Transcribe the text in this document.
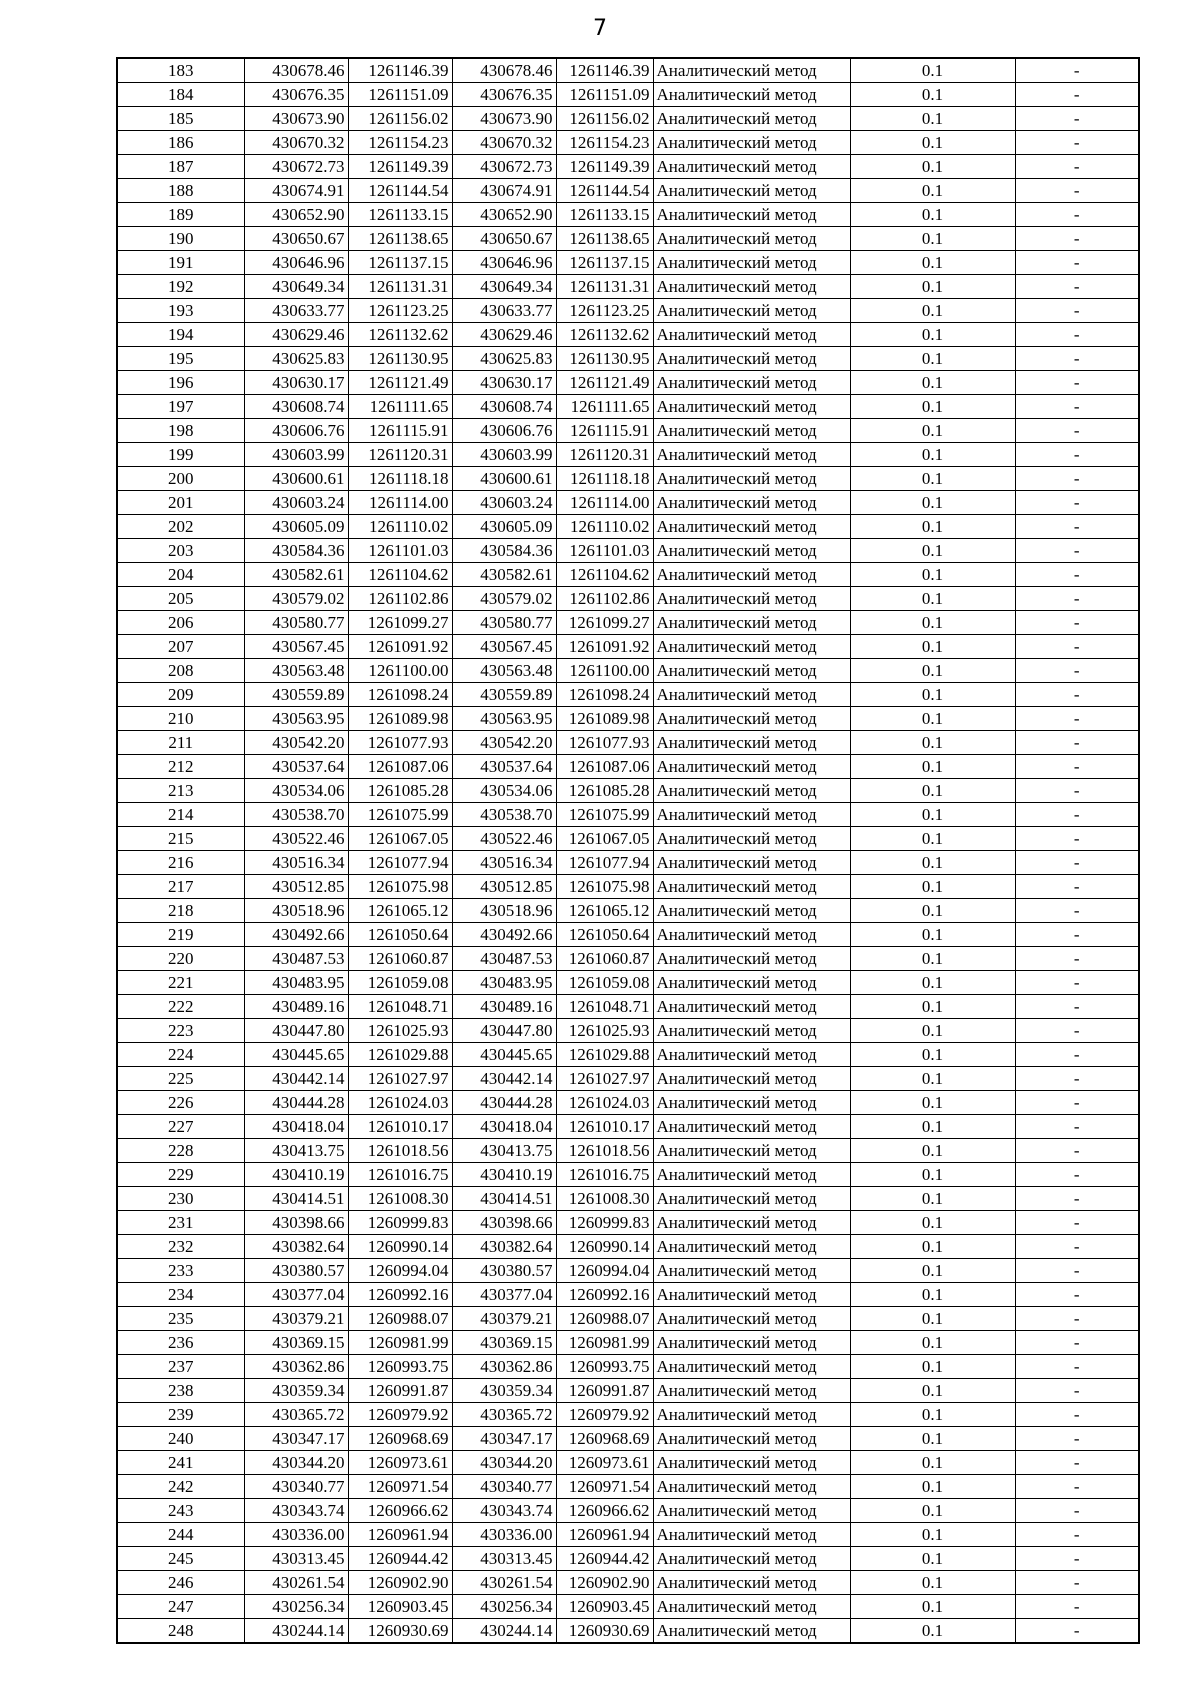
7
183	430678.46	1261146.39	430678.46	1261146.39	Аналитический метод	0.1	-
184	430676.35	1261151.09	430676.35	1261151.09	Аналитический метод	0.1	-
185	430673.90	1261156.02	430673.90	1261156.02	Аналитический метод	0.1	-
186	430670.32	1261154.23	430670.32	1261154.23	Аналитический метод	0.1	-
187	430672.73	1261149.39	430672.73	1261149.39	Аналитический метод	0.1	-
188	430674.91	1261144.54	430674.91	1261144.54	Аналитический метод	0.1	-
189	430652.90	1261133.15	430652.90	1261133.15	Аналитический метод	0.1	-
190	430650.67	1261138.65	430650.67	1261138.65	Аналитический метод	0.1	-
191	430646.96	1261137.15	430646.96	1261137.15	Аналитический метод	0.1	-
192	430649.34	1261131.31	430649.34	1261131.31	Аналитический метод	0.1	-
193	430633.77	1261123.25	430633.77	1261123.25	Аналитический метод	0.1	-
194	430629.46	1261132.62	430629.46	1261132.62	Аналитический метод	0.1	-
195	430625.83	1261130.95	430625.83	1261130.95	Аналитический метод	0.1	-
196	430630.17	1261121.49	430630.17	1261121.49	Аналитический метод	0.1	-
197	430608.74	1261111.65	430608.74	1261111.65	Аналитический метод	0.1	-
198	430606.76	1261115.91	430606.76	1261115.91	Аналитический метод	0.1	-
199	430603.99	1261120.31	430603.99	1261120.31	Аналитический метод	0.1	-
200	430600.61	1261118.18	430600.61	1261118.18	Аналитический метод	0.1	-
201	430603.24	1261114.00	430603.24	1261114.00	Аналитический метод	0.1	-
202	430605.09	1261110.02	430605.09	1261110.02	Аналитический метод	0.1	-
203	430584.36	1261101.03	430584.36	1261101.03	Аналитический метод	0.1	-
204	430582.61	1261104.62	430582.61	1261104.62	Аналитический метод	0.1	-
205	430579.02	1261102.86	430579.02	1261102.86	Аналитический метод	0.1	-
206	430580.77	1261099.27	430580.77	1261099.27	Аналитический метод	0.1	-
207	430567.45	1261091.92	430567.45	1261091.92	Аналитический метод	0.1	-
208	430563.48	1261100.00	430563.48	1261100.00	Аналитический метод	0.1	-
209	430559.89	1261098.24	430559.89	1261098.24	Аналитический метод	0.1	-
210	430563.95	1261089.98	430563.95	1261089.98	Аналитический метод	0.1	-
211	430542.20	1261077.93	430542.20	1261077.93	Аналитический метод	0.1	-
212	430537.64	1261087.06	430537.64	1261087.06	Аналитический метод	0.1	-
213	430534.06	1261085.28	430534.06	1261085.28	Аналитический метод	0.1	-
214	430538.70	1261075.99	430538.70	1261075.99	Аналитический метод	0.1	-
215	430522.46	1261067.05	430522.46	1261067.05	Аналитический метод	0.1	-
216	430516.34	1261077.94	430516.34	1261077.94	Аналитический метод	0.1	-
217	430512.85	1261075.98	430512.85	1261075.98	Аналитический метод	0.1	-
218	430518.96	1261065.12	430518.96	1261065.12	Аналитический метод	0.1	-
219	430492.66	1261050.64	430492.66	1261050.64	Аналитический метод	0.1	-
220	430487.53	1261060.87	430487.53	1261060.87	Аналитический метод	0.1	-
221	430483.95	1261059.08	430483.95	1261059.08	Аналитический метод	0.1	-
222	430489.16	1261048.71	430489.16	1261048.71	Аналитический метод	0.1	-
223	430447.80	1261025.93	430447.80	1261025.93	Аналитический метод	0.1	-
224	430445.65	1261029.88	430445.65	1261029.88	Аналитический метод	0.1	-
225	430442.14	1261027.97	430442.14	1261027.97	Аналитический метод	0.1	-
226	430444.28	1261024.03	430444.28	1261024.03	Аналитический метод	0.1	-
227	430418.04	1261010.17	430418.04	1261010.17	Аналитический метод	0.1	-
228	430413.75	1261018.56	430413.75	1261018.56	Аналитический метод	0.1	-
229	430410.19	1261016.75	430410.19	1261016.75	Аналитический метод	0.1	-
230	430414.51	1261008.30	430414.51	1261008.30	Аналитический метод	0.1	-
231	430398.66	1260999.83	430398.66	1260999.83	Аналитический метод	0.1	-
232	430382.64	1260990.14	430382.64	1260990.14	Аналитический метод	0.1	-
233	430380.57	1260994.04	430380.57	1260994.04	Аналитический метод	0.1	-
234	430377.04	1260992.16	430377.04	1260992.16	Аналитический метод	0.1	-
235	430379.21	1260988.07	430379.21	1260988.07	Аналитический метод	0.1	-
236	430369.15	1260981.99	430369.15	1260981.99	Аналитический метод	0.1	-
237	430362.86	1260993.75	430362.86	1260993.75	Аналитический метод	0.1	-
238	430359.34	1260991.87	430359.34	1260991.87	Аналитический метод	0.1	-
239	430365.72	1260979.92	430365.72	1260979.92	Аналитический метод	0.1	-
240	430347.17	1260968.69	430347.17	1260968.69	Аналитический метод	0.1	-
241	430344.20	1260973.61	430344.20	1260973.61	Аналитический метод	0.1	-
242	430340.77	1260971.54	430340.77	1260971.54	Аналитический метод	0.1	-
243	430343.74	1260966.62	430343.74	1260966.62	Аналитический метод	0.1	-
244	430336.00	1260961.94	430336.00	1260961.94	Аналитический метод	0.1	-
245	430313.45	1260944.42	430313.45	1260944.42	Аналитический метод	0.1	-
246	430261.54	1260902.90	430261.54	1260902.90	Аналитический метод	0.1	-
247	430256.34	1260903.45	430256.34	1260903.45	Аналитический метод	0.1	-
248	430244.14	1260930.69	430244.14	1260930.69	Аналитический метод	0.1	-
